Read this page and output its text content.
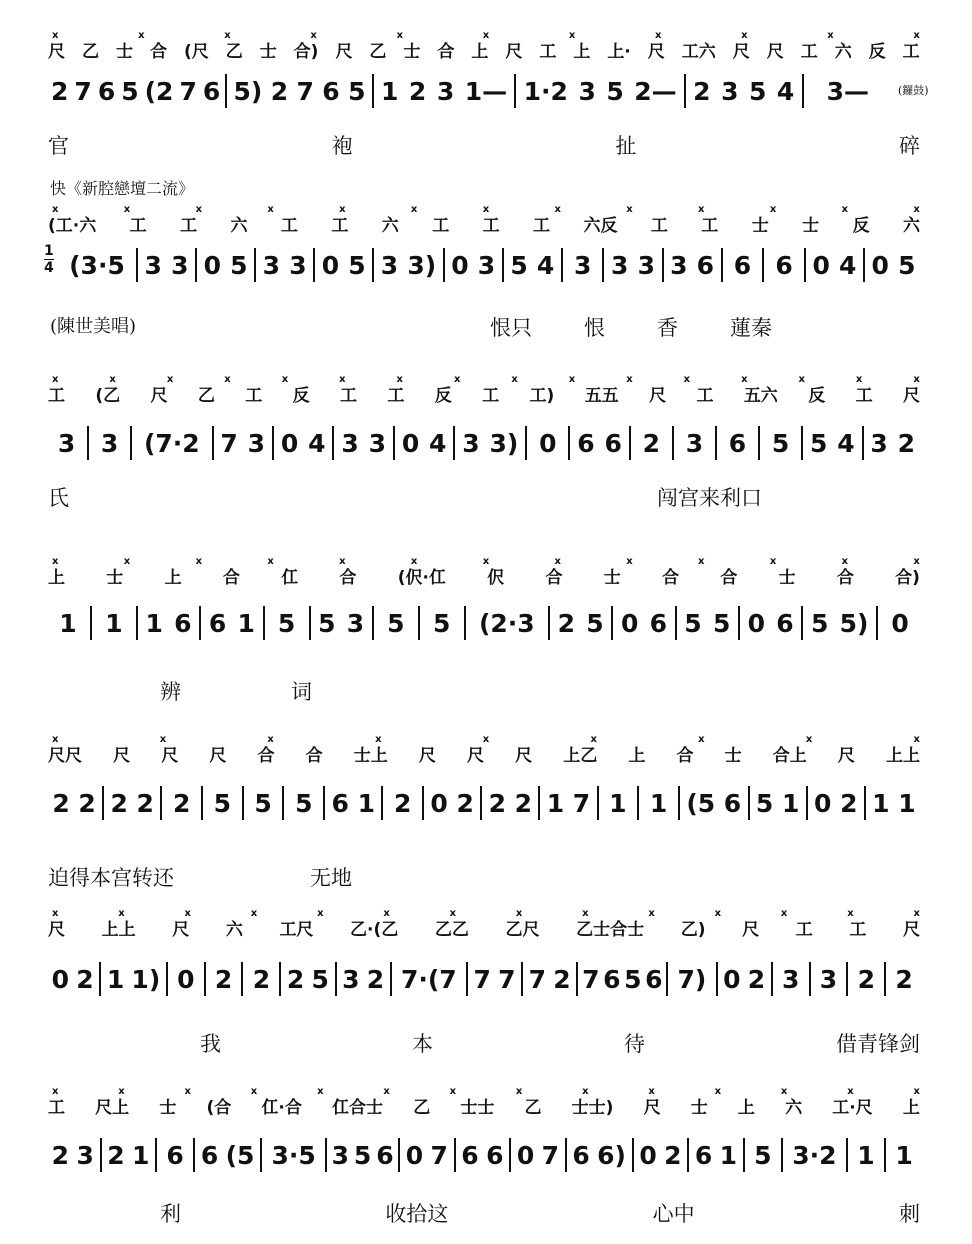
x	x	x	x	x	x	x	x	x	x	x
尺 乙 士 合 (尺 乙 士 合) 尺 乙 士 合 上 尺 工 上 上· 尺 工六 尺 尺 工 六 反 工
2 7 6 5 (2 7 6 5) 2 7 6 5 1 2 3 1— 1·2 3 5 2— 2 3 5 4 3—	(鑼鼓)
官	袍	扯	碎
快《新腔戀壇二流》
x	x	x	x	x	x	x	x	x	x	x	x	x
(工·六 工 工 六 工 工 六 工 工 工 六反 工 工 士 士 反 六
1
4 (3·5 3 3 0 5 3 3 0 5 3 3) 0 3 5 4 3 3 3 3 6 6 6 0 4 0 5
(陳世美唱)	恨只 恨 香 蓮秦
x	x	x	x	x	x	x	x	x	x	x	x	x	x	x	x
工 (乙 尺 乙 工 反 工 工 反 工 工) 五五 尺 工 五六 反 工 尺
3 3 (7·2 7 3 0 4 3 3 0 4 3 3) 0 6 6 2 3 6 5 5 4 3 2
氏	闯宫来利口
x	x	x	x	x	x	x	x	x	x	x	x	x
上 士 上 合 仜 合 (伬·仜 伬 合 士 合 合 士 合 合)
1 1 1 6 6 1 5 5 3 5 5 (2·3 2 5 0 6 5 5 0 6 5 5) 0
辨	词
x	x	x	x	x	x	x	x	x
尺尺 尺 尺 尺 合 合 士上 尺 尺 尺 上乙 上 合 士 合上 尺 上上
2 2 2 2 2 5 5 5 6 1 2 0 2 2 2 1 7 1 1 (5 6 5 1 0 2 1 1
迫得本宫转还	无地
x	x	x	x	x	x	x	x	x	x	x	x	x	x
尺 上上 尺 六 工尺 乙·(乙 乙乙 乙尺 乙士合士 乙) 尺 工 工 尺
0 2 1 1) 0 2 2 2 5 3 2 7·(7 7 7 7 2 7 6 5 6 7) 0 2 3 3 2 2
我	本	待	借青锋剑
x	x	x	x	x	x	x	x	x	x	x	x	x	x
工 尺上 士 (合 仜·合 仜合士 乙 士士 乙 士士) 尺 士 上 六 工·尺 上
2 3 2 1 6 6 (5 3·5 3 5 6 0 7 6 6 0 7 6 6) 0 2 6 1 5 3·2 1 1
利	收拾这	心中	刺
